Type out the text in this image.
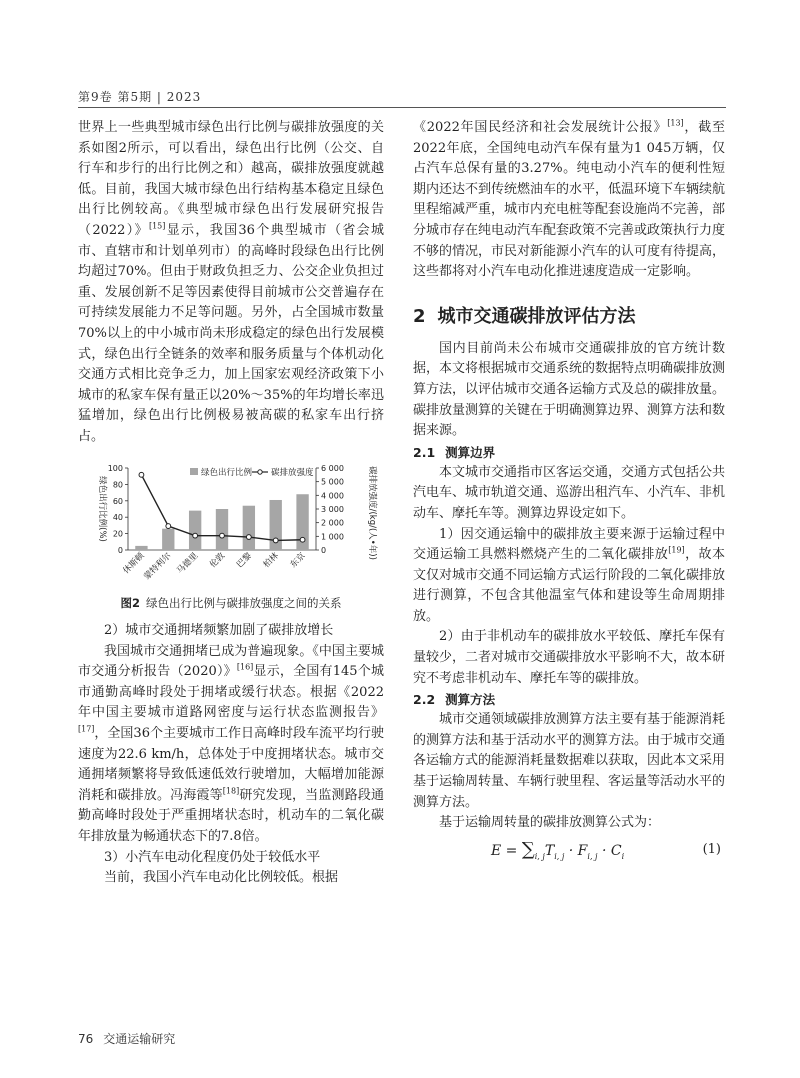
第9卷 第5期 | 2023

世界上一些典型城市绿色出行比例与碳排放强度的关系如图2所示，可以看出，绿色出行比例（公交、自行车和步行的出行比例之和）越高，碳排放强度就越低。目前，我国大城市绿色出行结构基本稳定且绿色出行比例较高。《典型城市绿色出行发展研究报告（2022）》[15]显示，我国36个典型城市（省会城市、直辖市和计划单列市）的高峰时段绿色出行比例均超过70%。但由于财政负担乏力、公交企业负担过重、发展创新不足等因素使得目前城市公交普遍存在可持续发展能力不足等问题。另外，占全国城市数量70%以上的中小城市尚未形成稳定的绿色出行发展模式，绿色出行全链条的效率和服务质量与个体机动化交通方式相比竞争乏力，加上国家宏观经济政策下小城市的私家车保有量正以20%～35%的年均增长率迅猛增加，绿色出行比例极易被高碳的私家车出行挤占。

0
20
40
60
80
100
0
1 000
2 000
3 000
4 000
5 000
6 000
绿色出行比例(%)	碳排放强度/(kg/(人•年))
休斯顿
蒙特利尔 马德里 伦敦 巴黎 柏林 东京
绿色出行比例 碳排放强度
图2 绿色出行比例与碳排放强度之间的关系

2）城市交通拥堵频繁加剧了碳排放增长

我国城市交通拥堵已成为普遍现象。《中国主要城市交通分析报告（2020）》[16]显示，全国有145个城市通勤高峰时段处于拥堵或缓行状态。根据《2022年中国主要城市道路网密度与运行状态监测报告》[17]，全国36个主要城市工作日高峰时段车流平均行驶速度为22.6 km/h，总体处于中度拥堵状态。城市交通拥堵频繁将导致低速低效行驶增加，大幅增加能源消耗和碳排放。冯海霞等[18]研究发现，当监测路段通勤高峰时段处于严重拥堵状态时，机动车的二氧化碳年排放量为畅通状态下的7.8倍。

3）小汽车电动化程度仍处于较低水平

当前，我国小汽车电动化比例较低。根据

《2022年国民经济和社会发展统计公报》[13]，截至2022年底，全国纯电动汽车保有量为1 045万辆，仅占汽车总保有量的3.27%。纯电动小汽车的便利性短期内还达不到传统燃油车的水平，低温环境下车辆续航里程缩减严重，城市内充电桩等配套设施尚不完善，部分城市存在纯电动汽车配套政策不完善或政策执行力度不够的情况，市民对新能源小汽车的认可度有待提高，这些都将对小汽车电动化推进速度造成一定影响。

2 城市交通碳排放评估方法

国内目前尚未公布城市交通碳排放的官方统计数据，本文将根据城市交通系统的数据特点明确碳排放测算方法，以评估城市交通各运输方式及总的碳排放量。碳排放量测算的关键在于明确测算边界、测算方法和数据来源。

2.1 测算边界

本文城市交通指市区客运交通，交通方式包括公共汽电车、城市轨道交通、巡游出租汽车、小汽车、非机动车、摩托车等。测算边界设定如下。

1）因交通运输中的碳排放主要来源于运输过程中交通运输工具燃料燃烧产生的二氧化碳排放[19]，故本文仅对城市交通不同运输方式运行阶段的二氧化碳排放进行测算，不包含其他温室气体和建设等生命周期排放。

2）由于非机动车的碳排放水平较低、摩托车保有量较少，二者对城市交通碳排放水平影响不大，故本研究不考虑非机动车、摩托车等的碳排放。

2.2 测算方法

城市交通领域碳排放测算方法主要有基于能源消耗的测算方法和基于活动水平的测算方法。由于城市交通各运输方式的能源消耗量数据难以获取，因此本文采用基于运输周转量、车辆行驶里程、客运量等活动水平的测算方法。

基于运输周转量的碳排放测算公式为：

$E = \sum_{i, j}T_{i, j} \cdot F_{i, j} \cdot C_i$	(1)
76 交通运输研究
